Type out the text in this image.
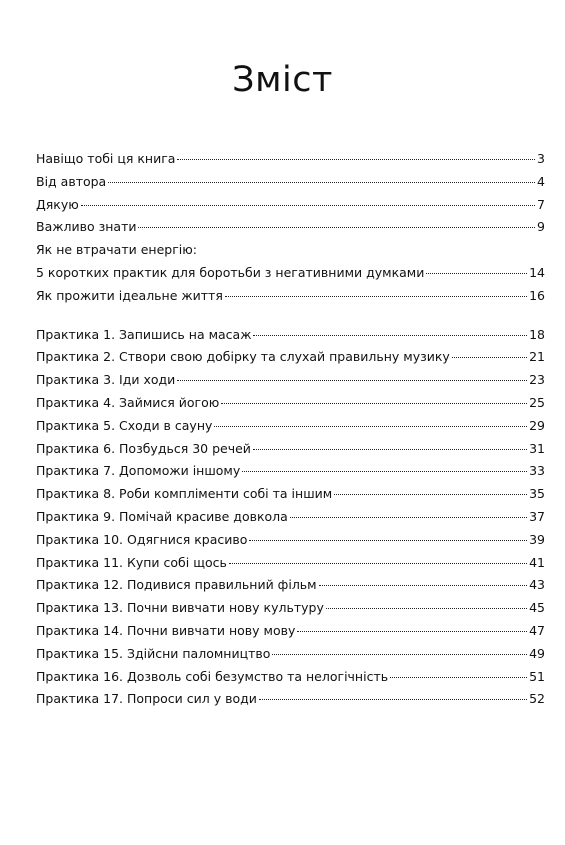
Зміст
Навіщо тобі ця книга	3
Від автора	4
Дякую	7
Важливо знати	9
Як не втрачати енергію:
5 коротких практик для боротьби з негативними думками	14
Як прожити ідеальне життя	16
Практика 1. Запишись на масаж	18
Практика 2. Створи свою добірку та слухай правильну музику	21
Практика 3. Іди ходи	23
Практика 4. Займися йогою	25
Практика 5. Сходи в сауну	29
Практика 6. Позбудься 30 речей	31
Практика 7. Допоможи іншому	33
Практика 8. Роби компліменти собі та іншим	35
Практика 9. Помічай красиве довкола	37
Практика 10. Одягнися красиво	39
Практика 11. Купи собі щось	41
Практика 12. Подивися правильний фільм	43
Практика 13. Почни вивчати нову культуру	45
Практика 14. Почни вивчати нову мову	47
Практика 15. Здійсни паломництво	49
Практика 16. Дозволь собі безумство та нелогічність	51
Практика 17. Попроси сил у води	52
